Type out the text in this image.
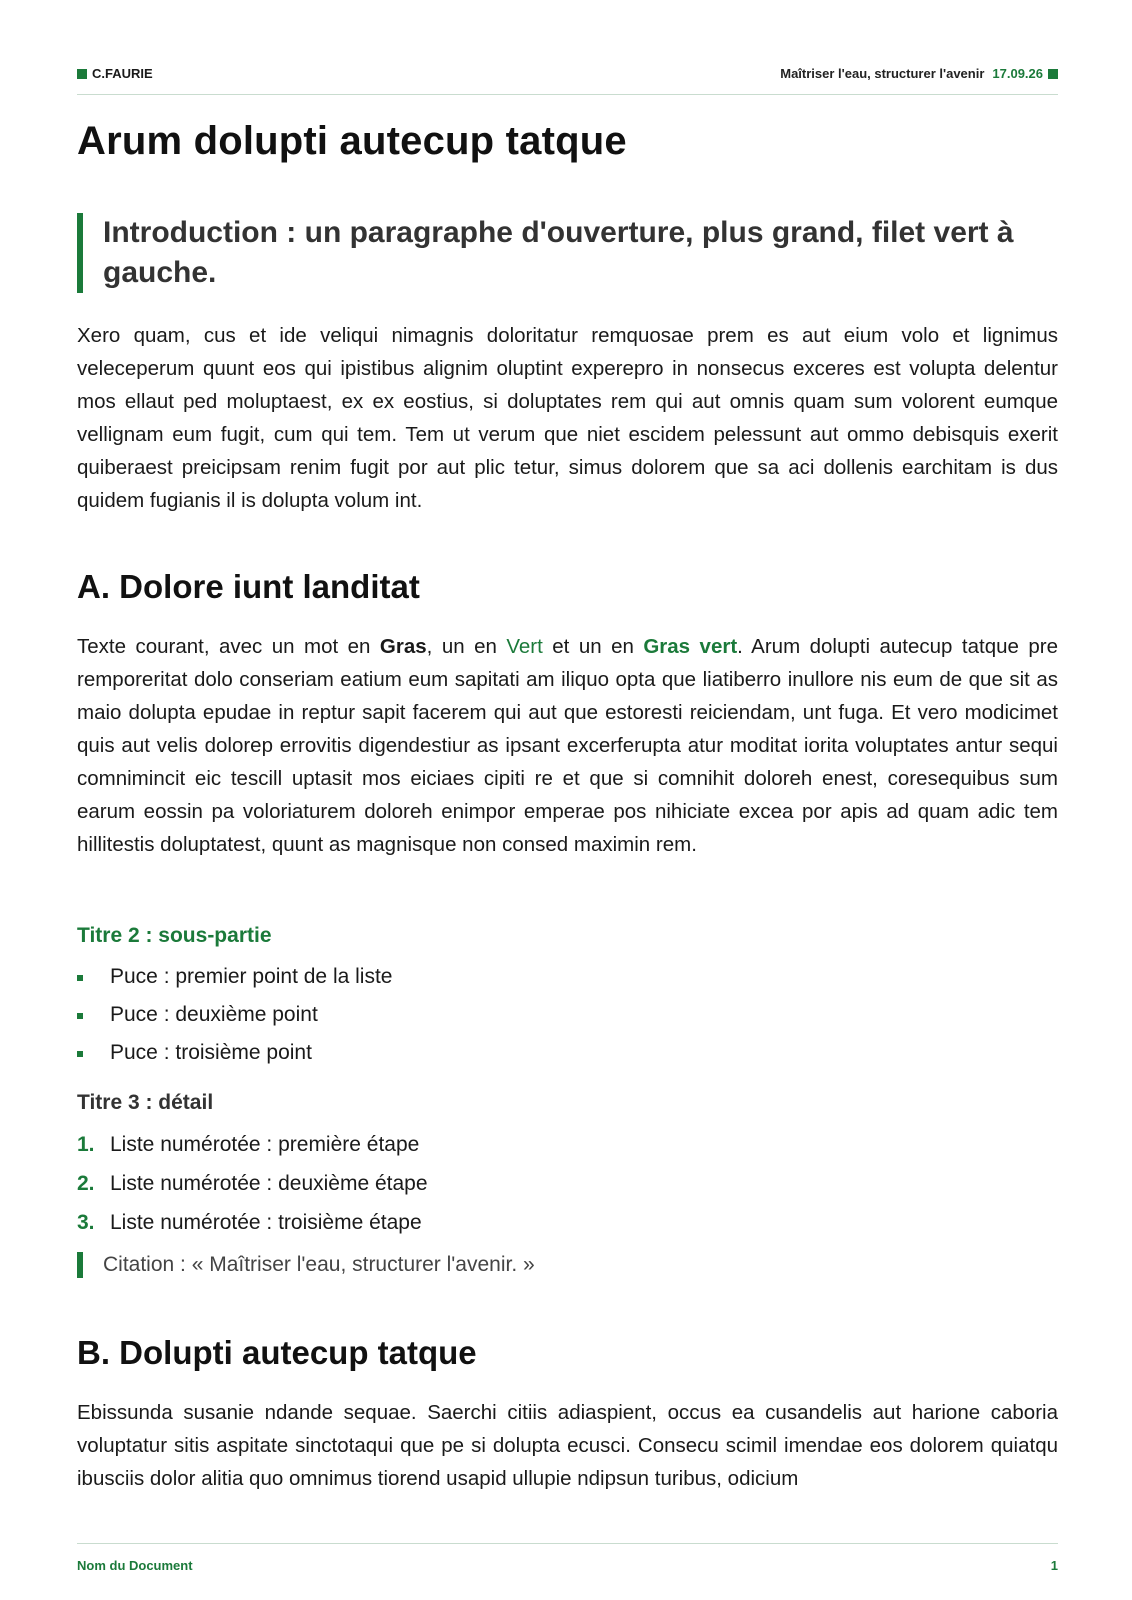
C.FAURIE	Maîtriser l'eau, structurer l'avenir 17.09.26
Arum dolupti autecup tatque
Introduction : un paragraphe d'ouverture, plus grand, filet vert à gauche.

Xero quam, cus et ide veliqui nimagnis doloritatur remquosae prem es aut eium volo et lignimus veleceperum quunt eos qui ipistibus alignim oluptint experepro in nonsecus exceres est volupta delentur mos ellaut ped moluptaest, ex ex eostius, si doluptates rem qui aut omnis quam sum volorent eumque vellignam eum fugit, cum qui tem. Tem ut verum que niet escidem pelessunt aut ommo debisquis exerit quiberaest preicipsam renim fugit por aut plic tetur, simus dolorem que sa aci dollenis earchitam is dus quidem fugianis il is dolupta volum int.

A. Dolore iunt landitat

Texte courant, avec un mot en Gras, un en Vert et un en Gras vert. Arum dolupti autecup tatque pre remporeritat dolo conseriam eatium eum sapitati am iliquo opta que liatiberro inullore nis eum de que sit as maio dolupta epudae in reptur sapit facerem qui aut que estoresti reiciendam, unt fuga. Et vero modicimet quis aut velis dolorep errovitis digendestiur as ipsant excerferupta atur moditat iorita voluptates antur sequi comnimincit eic tescill uptasit mos eiciaes cipiti re et que si comnihit doloreh enest, coresequibus sum earum eossin pa voloriaturem doloreh enimpor emperae pos nihiciate excea por apis ad quam adic tem hillitestis doluptatest, quunt as magnisque non consed maximin rem.

Titre 2 : sous-partie
Puce : premier point de la liste
Puce : deuxième point
Puce : troisième point
Titre 3 : détail
1. Liste numérotée : première étape
2. Liste numérotée : deuxième étape
3. Liste numérotée : troisième étape
Citation : « Maîtriser l'eau, structurer l'avenir. »
B. Dolupti autecup tatque

Ebissunda susanie ndande sequae. Saerchi citiis adiaspient, occus ea cusandelis aut harione caboria voluptatur sitis aspitate sinctotaqui que pe si dolupta ecusci. Consecu scimil imendae eos dolorem quiatqu ibusciis dolor alitia quo omnimus tiorend usapid ullupie ndipsun turibus, odicium

Nom du Document	1
